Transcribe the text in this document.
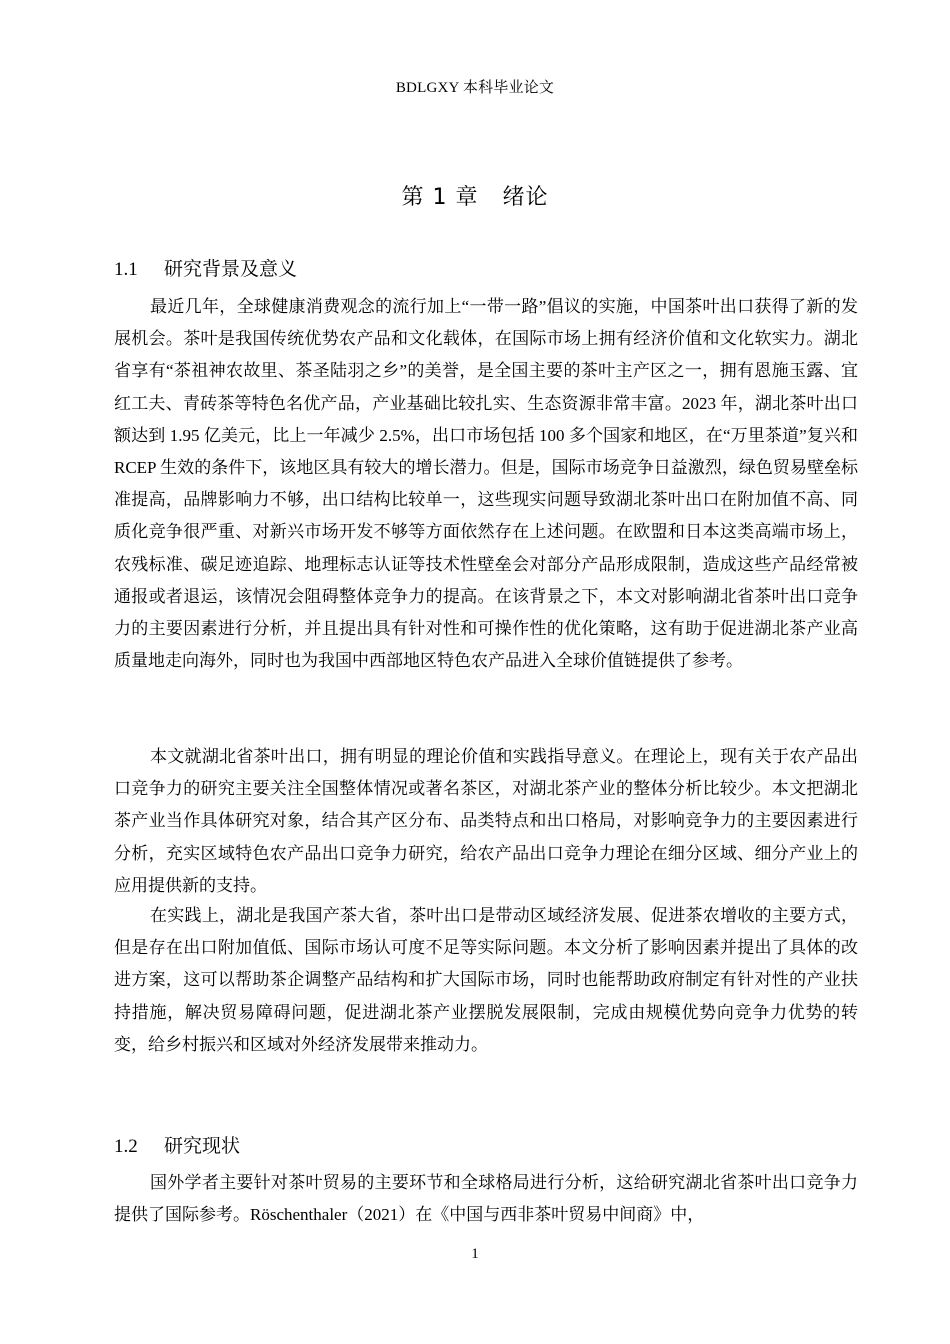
BDLGXY 本科毕业论文
第 1 章 绪论
1.1 研究背景及意义

最近几年，全球健康消费观念的流行加上“一带一路”倡议的实施，中国茶叶出口获得了新的发展机会。茶叶是我国传统优势农产品和文化载体，在国际市场上拥有经济价值和文化软实力。湖北省享有“茶祖神农故里、茶圣陆羽之乡”的美誉，是全国主要的茶叶主产区之一，拥有恩施玉露、宜红工夫、青砖茶等特色名优产品，产业基础比较扎实、生态资源非常丰富。2023 年，湖北茶叶出口额达到 1.95 亿美元，比上一年减少 2.5%，出口市场包括 100 多个国家和地区，在“万里茶道”复兴和 RCEP 生效的条件下，该地区具有较大的增长潜力。但是，国际市场竞争日益激烈，绿色贸易壁垒标准提高，品牌影响力不够，出口结构比较单一，这些现实问题导致湖北茶叶出口在附加值不高、同质化竞争很严重、对新兴市场开发不够等方面依然存在上述问题。在欧盟和日本这类高端市场上，农残标准、碳足迹追踪、地理标志认证等技术性壁垒会对部分产品形成限制，造成这些产品经常被通报或者退运，该情况会阻碍整体竞争力的提高。在该背景之下，本文对影响湖北省茶叶出口竞争力的主要因素进行分析，并且提出具有针对性和可操作性的优化策略，这有助于促进湖北茶产业高质量地走向海外，同时也为我国中西部地区特色农产品进入全球价值链提供了参考。

本文就湖北省茶叶出口，拥有明显的理论价值和实践指导意义。在理论上，现有关于农产品出口竞争力的研究主要关注全国整体情况或著名茶区，对湖北茶产业的整体分析比较少。本文把湖北茶产业当作具体研究对象，结合其产区分布、品类特点和出口格局，对影响竞争力的主要因素进行分析，充实区域特色农产品出口竞争力研究，给农产品出口竞争力理论在细分区域、细分产业上的应用提供新的支持。

在实践上，湖北是我国产茶大省，茶叶出口是带动区域经济发展、促进茶农增收的主要方式，但是存在出口附加值低、国际市场认可度不足等实际问题。本文分析了影响因素并提出了具体的改进方案，这可以帮助茶企调整产品结构和扩大国际市场，同时也能帮助政府制定有针对性的产业扶持措施，解决贸易障碍问题，促进湖北茶产业摆脱发展限制，完成由规模优势向竞争力优势的转变，给乡村振兴和区域对外经济发展带来推动力。

1.2 研究现状

国外学者主要针对茶叶贸易的主要环节和全球格局进行分析，这给研究湖北省茶叶出口竞争力提供了国际参考。Röschenthaler（2021）在《中国与西非茶叶贸易中间商》中，

1
